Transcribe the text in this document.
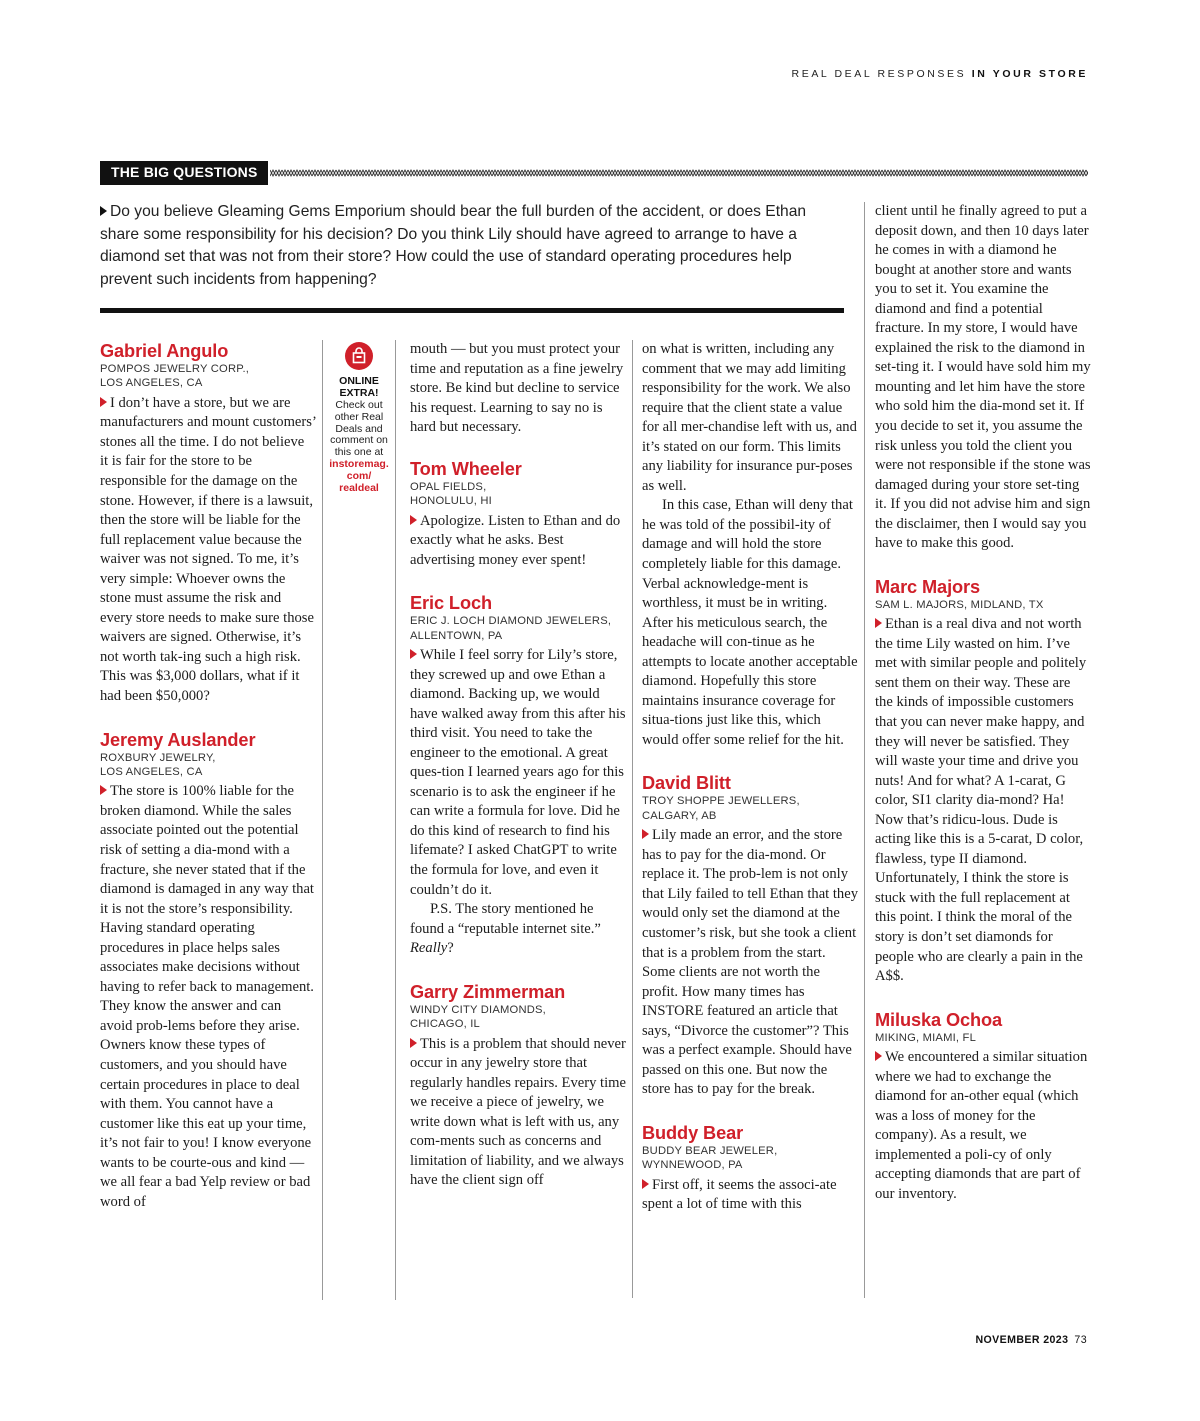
REAL DEAL RESPONSES IN YOUR STORE
THE BIG QUESTIONS
Do you believe Gleaming Gems Emporium should bear the full burden of the accident, or does Ethan share some responsibility for his decision? Do you think Lily should have agreed to arrange to have a diamond set that was not from their store? How could the use of standard operating procedures help prevent such incidents from happening?
Gabriel Angulo
POMPOS JEWELRY CORP.,
LOS ANGELES, CA

I don’t have a store, but we are manufacturers and mount customers’ stones all the time. I do not believe it is fair for the store to be responsible for the damage on the stone. However, if there is a lawsuit, then the store will be liable for the full replacement value because the waiver was not signed. To me, it’s very simple: Whoever owns the stone must assume the risk and every store needs to make sure those waivers are signed. Otherwise, it’s not worth tak-ing such a high risk. This was $3,000 dollars, what if it had been $50,000?

Jeremy Auslander
ROXBURY JEWELRY,
LOS ANGELES, CA

The store is 100% liable for the broken diamond. While the sales associate pointed out the potential risk of setting a dia-mond with a fracture, she never stated that if the diamond is damaged in any way that it is not the store’s responsibility. Having standard operating procedures in place helps sales associates make decisions without having to refer back to management. They know the answer and can avoid prob-lems before they arise. Owners know these types of customers, and you should have certain procedures in place to deal with them. You cannot have a customer like this eat up your time, it’s not fair to you! I know everyone wants to be courte-ous and kind — we all fear a bad Yelp review or bad word of

ONLINE
EXTRA!
Check out
other Real
Deals and
comment on
this one at
instoremag.
com/
realdeal

mouth — but you must protect your time and reputation as a fine jewelry store. Be kind but decline to service his request. Learning to say no is hard but necessary.

Tom Wheeler
OPAL FIELDS,
HONOLULU, HI

Apologize. Listen to Ethan and do exactly what he asks. Best advertising money ever spent!

Eric Loch
ERIC J. LOCH DIAMOND JEWELERS,
ALLENTOWN, PA

While I feel sorry for Lily’s store, they screwed up and owe Ethan a diamond. Backing up, we would have walked away from this after his third visit. You need to take the engineer to the emotional. A great ques-tion I learned years ago for this scenario is to ask the engineer if he can write a formula for love. Did he do this kind of research to find his lifemate? I asked ChatGPT to write the formula for love, and even it couldn’t do it.

P.S. The story mentioned he found a “reputable internet site.” Really?

Garry Zimmerman
WINDY CITY DIAMONDS,
CHICAGO, IL

This is a problem that should never occur in any jewelry store that regularly handles repairs. Every time we receive a piece of jewelry, we write down what is left with us, any com-ments such as concerns and limitation of liability, and we always have the client sign off

on what is written, including any comment that we may add limiting responsibility for the work. We also require that the client state a value for all mer-chandise left with us, and it’s stated on our form. This limits any liability for insurance pur-poses as well.

In this case, Ethan will deny that he was told of the possibil-ity of damage and will hold the store completely liable for this damage. Verbal acknowledge-ment is worthless, it must be in writing. After his meticulous search, the headache will con-tinue as he attempts to locate another acceptable diamond. Hopefully this store maintains insurance coverage for situa-tions just like this, which would offer some relief for the hit.

David Blitt
TROY SHOPPE JEWELLERS,
CALGARY, AB

Lily made an error, and the store has to pay for the dia-mond. Or replace it. The prob-lem is not only that Lily failed to tell Ethan that they would only set the diamond at the customer’s risk, but she took a client that is a problem from the start. Some clients are not worth the profit. How many times has INSTORE featured an article that says, “Divorce the customer”? This was a perfect example. Should have passed on this one. But now the store has to pay for the break.

Buddy Bear
BUDDY BEAR JEWELER,
WYNNEWOOD, PA

First off, it seems the associ-ate spent a lot of time with this

client until he finally agreed to put a deposit down, and then 10 days later he comes in with a diamond he bought at another store and wants you to set it. You examine the diamond and find a potential fracture. In my store, I would have explained the risk to the diamond in set-ting it. I would have sold him my mounting and let him have the store who sold him the dia-mond set it. If you decide to set it, you assume the risk unless you told the client you were not responsible if the stone was damaged during your store set-ting it. If you did not advise him and sign the disclaimer, then I would say you have to make this good.

Marc Majors
SAM L. MAJORS, MIDLAND, TX

Ethan is a real diva and not worth the time Lily wasted on him. I’ve met with similar people and politely sent them on their way. These are the kinds of impossible customers that you can never make happy, and they will never be satisfied. They will waste your time and drive you nuts! And for what? A 1-carat, G color, SI1 clarity dia-mond? Ha! Now that’s ridicu-lous. Dude is acting like this is a 5-carat, D color, flawless, type II diamond. Unfortunately, I think the store is stuck with the full replacement at this point. I think the moral of the story is don’t set diamonds for people who are clearly a pain in the A$$.

Miluska Ochoa
MIKING, MIAMI, FL

We encountered a similar situation where we had to exchange the diamond for an-other equal (which was a loss of money for the company). As a result, we implemented a poli-cy of only accepting diamonds that are part of our inventory.

NOVEMBER 2023 73
